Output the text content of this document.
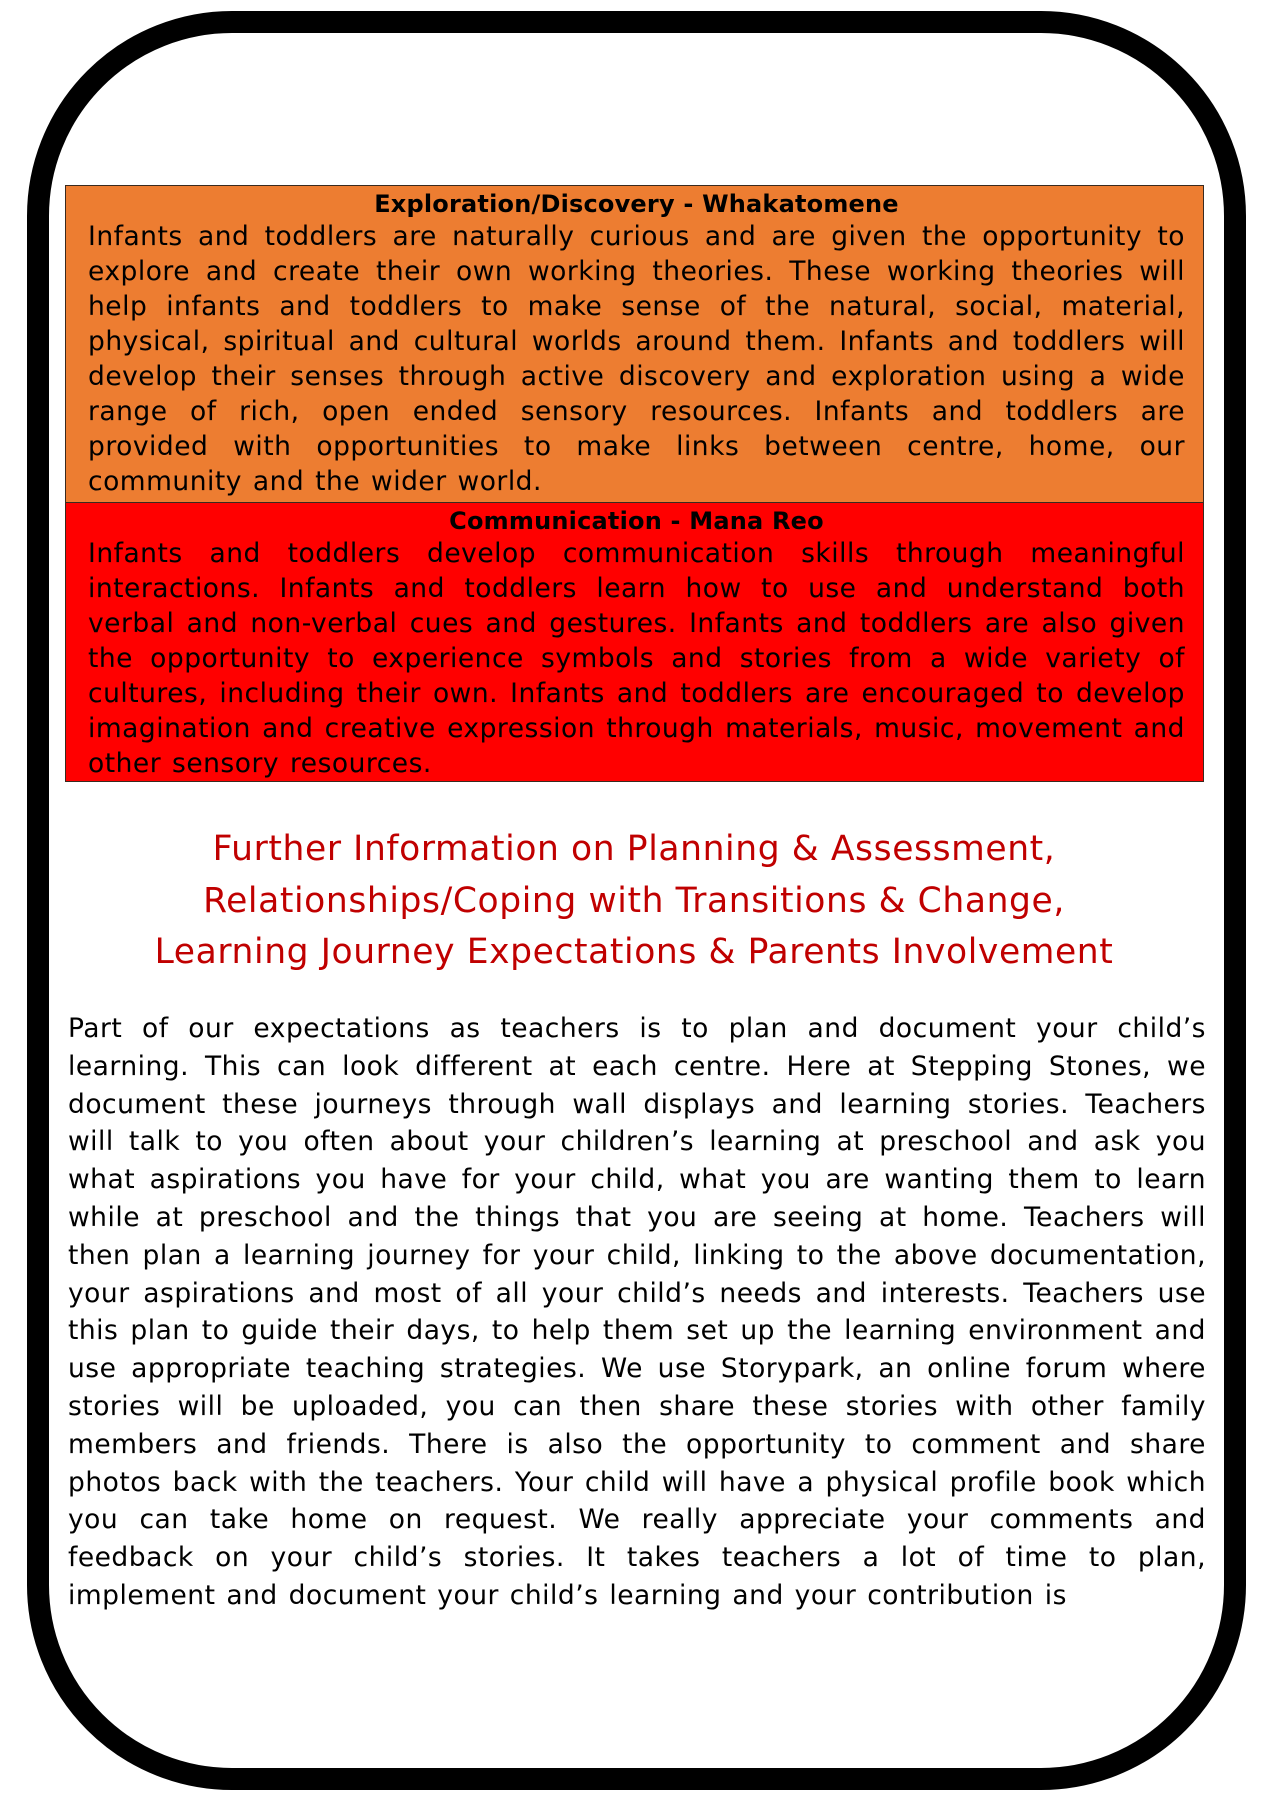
Exploration/Discovery - Whakatomene
Infants and toddlers are naturally curious and are given the opportunity to explore and create their own working theories. These working theories will help infants and toddlers to make sense of the natural, social, material, physical, spiritual and cultural worlds around them. Infants and toddlers will develop their senses through active discovery and exploration using a wide range of rich, open ended sensory resources. Infants and toddlers are provided with opportunities to make links between centre, home, our community and the wider world.
Communication - Mana Reo
Infants and toddlers develop communication skills through meaningful interactions. Infants and toddlers learn how to use and understand both verbal and non-verbal cues and gestures. Infants and toddlers are also given the opportunity to experience symbols and stories from a wide variety of cultures, including their own. Infants and toddlers are encouraged to develop imagination and creative expression through materials, music, movement and other sensory resources.
Further Information on Planning & Assessment,
Relationships/Coping with Transitions & Change,
Learning Journey Expectations & Parents Involvement
Part of our expectations as teachers is to plan and document your child’s learning. This can look different at each centre. Here at Stepping Stones, we document these journeys through wall displays and learning stories. Teachers will talk to you often about your children’s learning at preschool and ask you what aspirations you have for your child, what you are wanting them to learn while at preschool and the things that you are seeing at home. Teachers will then plan a learning journey for your child, linking to the above documentation, your aspirations and most of all your child’s needs and interests. Teachers use this plan to guide their days, to help them set up the learning environment and use appropriate teaching strategies. We use Storypark, an online forum where stories will be uploaded, you can then share these stories with other family members and friends. There is also the opportunity to comment and share photos back with the teachers. Your child will have a physical profile book which you can take home on request. We really appreciate your comments and feedback on your child’s stories. It takes teachers a lot of time to plan, implement and document your child’s learning and your contribution is
